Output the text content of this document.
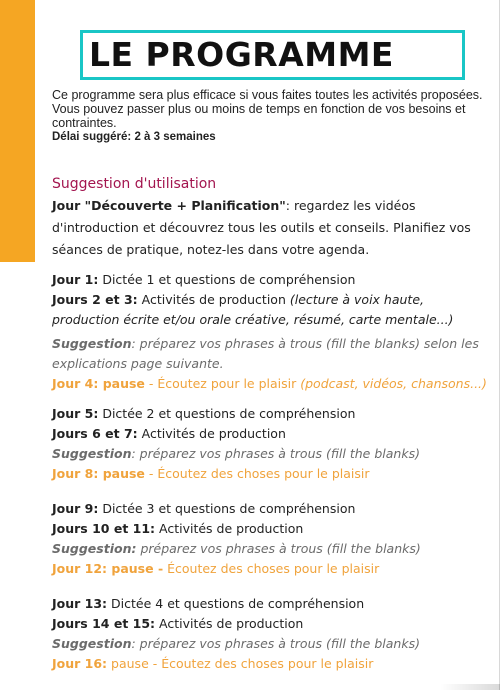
LE PROGRAMME
Ce programme sera plus efficace si vous faites toutes les activités proposées. Vous pouvez passer plus ou moins de temps en fonction de vos besoins et contraintes.
Délai suggéré: 2 à 3 semaines
Suggestion d'utilisation
Jour "Découverte + Planification": regardez les vidéos d'introduction et découvrez tous les outils et conseils. Planifiez vos séances de pratique, notez-les dans votre agenda.
Jour 1: Dictée 1 et questions de compréhension
Jours 2 et 3: Activités de production (lecture à voix haute, production écrite et/ou orale créative, résumé, carte mentale...)
Suggestion: préparez vos phrases à trous (fill the blanks) selon les explications page suivante.
Jour 4: pause - Écoutez pour le plaisir (podcast, vidéos, chansons...)
Jour 5: Dictée 2 et questions de compréhension
Jours 6 et 7: Activités de production
Suggestion: préparez vos phrases à trous (fill the blanks)
Jour 8: pause - Écoutez des choses pour le plaisir
Jour 9: Dictée 3 et questions de compréhension
Jours 10 et 11: Activités de production
Suggestion: préparez vos phrases à trous (fill the blanks)
Jour 12: pause - Écoutez des choses pour le plaisir
Jour 13: Dictée 4 et questions de compréhension
Jours 14 et 15: Activités de production
Suggestion: préparez vos phrases à trous (fill the blanks)
Jour 16: pause - Écoutez des choses pour le plaisir
